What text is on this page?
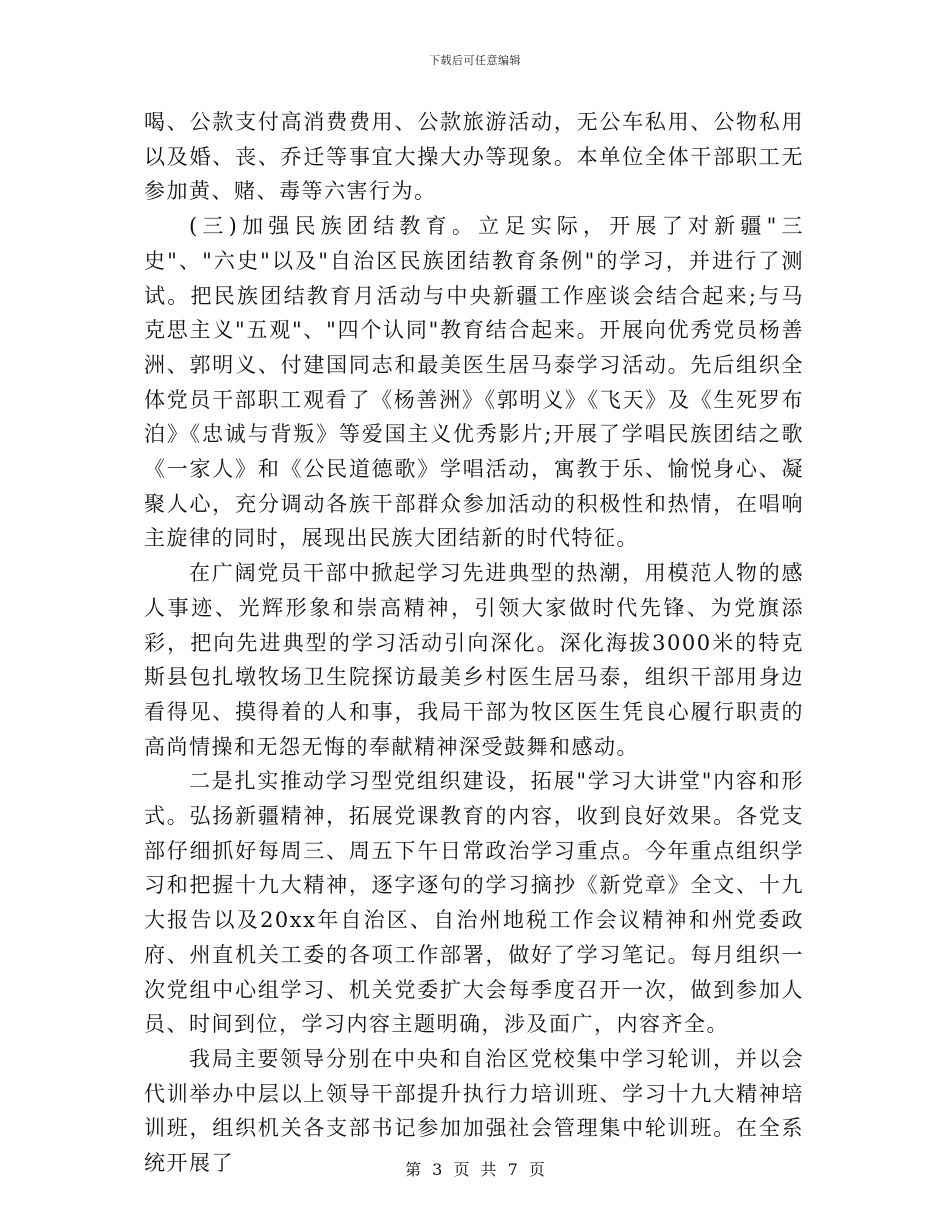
下载后可任意编辑

喝、公款支付高消费费用、公款旅游活动，无公车私用、公物私用以及婚、丧、乔迁等事宜大操大办等现象。本单位全体干部职工无参加黄、赌、毒等六害行为。

(三)加强民族团结教育。立足实际，开展了对新疆"三史"、"六史"以及"自治区民族团结教育条例"的学习，并进行了测试。把民族团结教育月活动与中央新疆工作座谈会结合起来;与马克思主义"五观"、"四个认同"教育结合起来。开展向优秀党员杨善洲、郭明义、付建国同志和最美医生居马泰学习活动。先后组织全体党员干部职工观看了《杨善洲》《郭明义》《飞天》及《生死罗布泊》《忠诚与背叛》等爱国主义优秀影片;开展了学唱民族团结之歌《一家人》和《公民道德歌》学唱活动，寓教于乐、愉悦身心、凝聚人心，充分调动各族干部群众参加活动的积极性和热情，在唱响主旋律的同时，展现出民族大团结新的时代特征。

在广阔党员干部中掀起学习先进典型的热潮，用模范人物的感人事迹、光辉形象和崇高精神，引领大家做时代先锋、为党旗添彩，把向先进典型的学习活动引向深化。深化海拔3000米的特克斯县包扎墩牧场卫生院探访最美乡村医生居马泰，组织干部用身边看得见、摸得着的人和事，我局干部为牧区医生凭良心履行职责的高尚情操和无怨无悔的奉献精神深受鼓舞和感动。

二是扎实推动学习型党组织建设，拓展"学习大讲堂"内容和形式。弘扬新疆精神，拓展党课教育的内容，收到良好效果。各党支部仔细抓好每周三、周五下午日常政治学习重点。今年重点组织学习和把握十九大精神，逐字逐句的学习摘抄《新党章》全文、十九大报告以及20xx年自治区、自治州地税工作会议精神和州党委政府、州直机关工委的各项工作部署，做好了学习笔记。每月组织一次党组中心组学习、机关党委扩大会每季度召开一次，做到参加人员、时间到位，学习内容主题明确，涉及面广，内容齐全。

我局主要领导分别在中央和自治区党校集中学习轮训，并以会代训举办中层以上领导干部提升执行力培训班、学习十九大精神培训班，组织机关各支部书记参加加强社会管理集中轮训班。在全系统开展了	第 3 页 共 7 页
